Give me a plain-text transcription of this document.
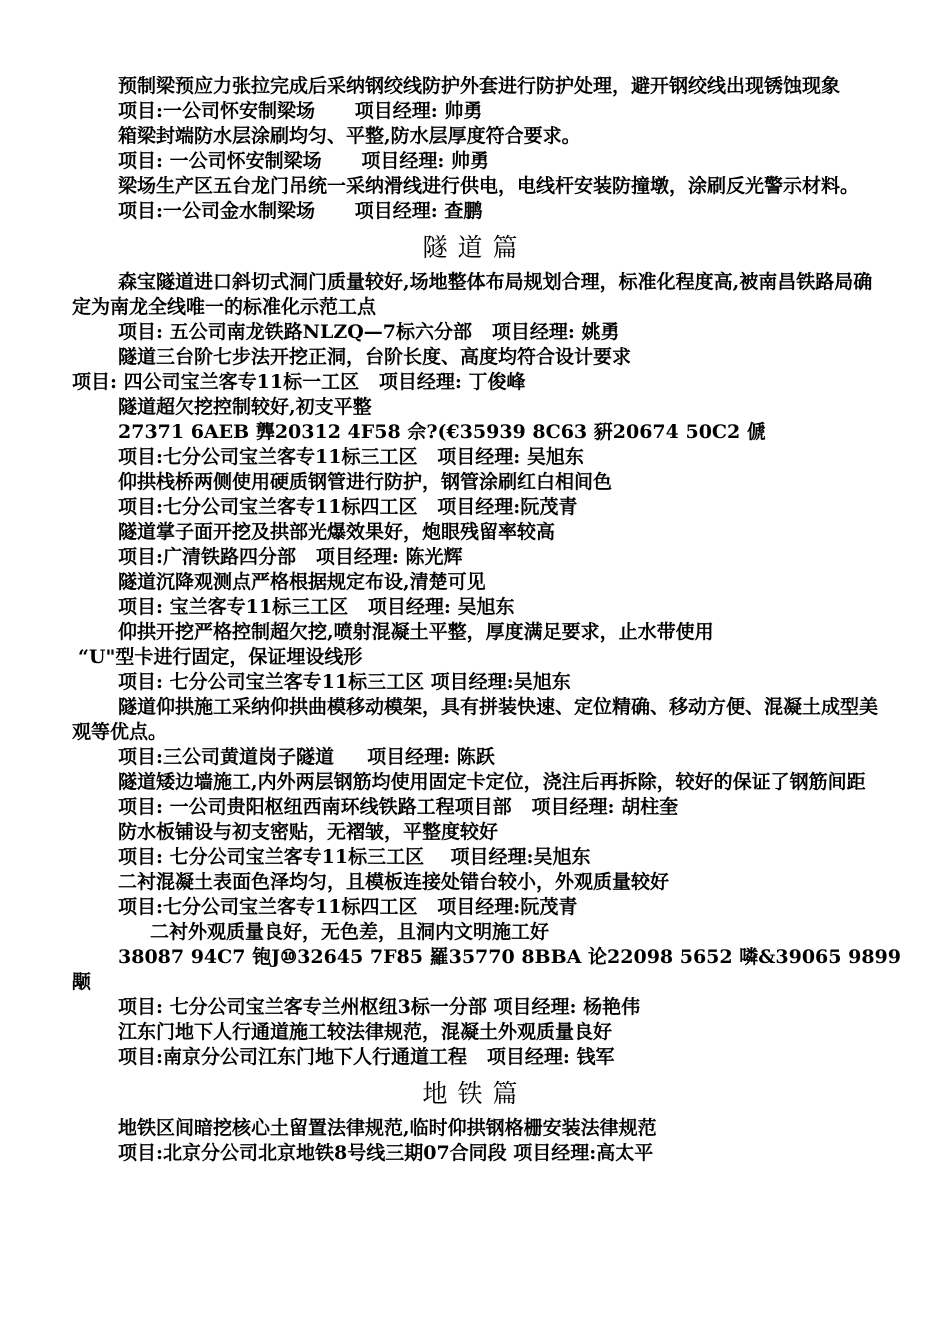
预制梁预应力张拉完成后采纳钢绞线防护外套进行防护处理，避开钢绞线出现锈蚀现象
项目:一公司怀安制梁场      项目经理: 帅勇
箱梁封端防水层涂刷均匀、平整,防水层厚度符合要求。
项目: 一公司怀安制梁场      项目经理: 帅勇
梁场生产区五台龙门吊统一采纳滑线进行供电，电线杆安装防撞墩，涂刷反光警示材料。
项目:一公司金水制梁场      项目经理: 查鹏
隧道篇
森宝隧道进口斜切式洞门质量较好,场地整体布局规划合理，标准化程度高,被南昌铁路局确定为南龙全线唯一的标准化示范工点
项目: 五公司南龙铁路NLZQ—7标六分部   项目经理: 姚勇
隧道三台阶七步法开挖正洞，台阶长度、高度均符合设计要求
项目: 四公司宝兰客专11标一工区   项目经理: 丁俊峰
隧道超欠挖控制较好,初支平整
27371 6AEB 龏20312 4F58 佘?(€35939 8C63 豣20674 50C2 傂
项目:七分公司宝兰客专11标三工区   项目经理: 吴旭东
仰拱栈桥两侧使用硬质钢管进行防护，钢管涂刷红白相间色
项目:七分公司宝兰客专11标四工区   项目经理:阮茂青
隧道掌子面开挖及拱部光爆效果好，炮眼残留率较高
项目:广清铁路四分部   项目经理: 陈光辉
隧道沉降观测点严格根据规定布设,清楚可见
项目: 宝兰客专11标三工区   项目经理: 吴旭东
仰拱开挖严格控制超欠挖,喷射混凝土平整，厚度满足要求，止水带使用
“U"型卡进行固定，保证埋设线形
项目: 七分公司宝兰客专11标三工区 项目经理:吴旭东
隧道仰拱施工采纳仰拱曲模移动模架，具有拼装快速、定位精确、移动方便、混凝土成型美观等优点。
项目:三公司黄道岗子隧道     项目经理: 陈跃
隧道矮边墙施工,内外两层钢筋均使用固定卡定位，浇注后再拆除，较好的保证了钢筋间距
项目: 一公司贵阳枢纽西南环线铁路工程项目部   项目经理: 胡柱奎
防水板铺设与初支密贴，无褶皱，平整度较好
项目: 七分公司宝兰客专11标三工区    项目经理:吴旭东
二衬混凝土表面色泽均匀，且模板连接处错台较小，外观质量较好
项目:七分公司宝兰客专11标四工区   项目经理:阮茂青
二衬外观质量良好，无色差，且洞内文明施工好
38087 94C7 铇J⑩32645 7F85 羅35770 8BBA 论22098 5652 噒&39065 9899
颙
项目: 七分公司宝兰客专兰州枢纽3标一分部 项目经理: 杨艳伟
江东门地下人行通道施工较法律规范，混凝土外观质量良好
项目:南京分公司江东门地下人行通道工程   项目经理: 钱军
地铁篇
地铁区间暗挖核心土留置法律规范,临时仰拱钢格栅安装法律规范
项目:北京分公司北京地铁8号线三期07合同段 项目经理:高太平
